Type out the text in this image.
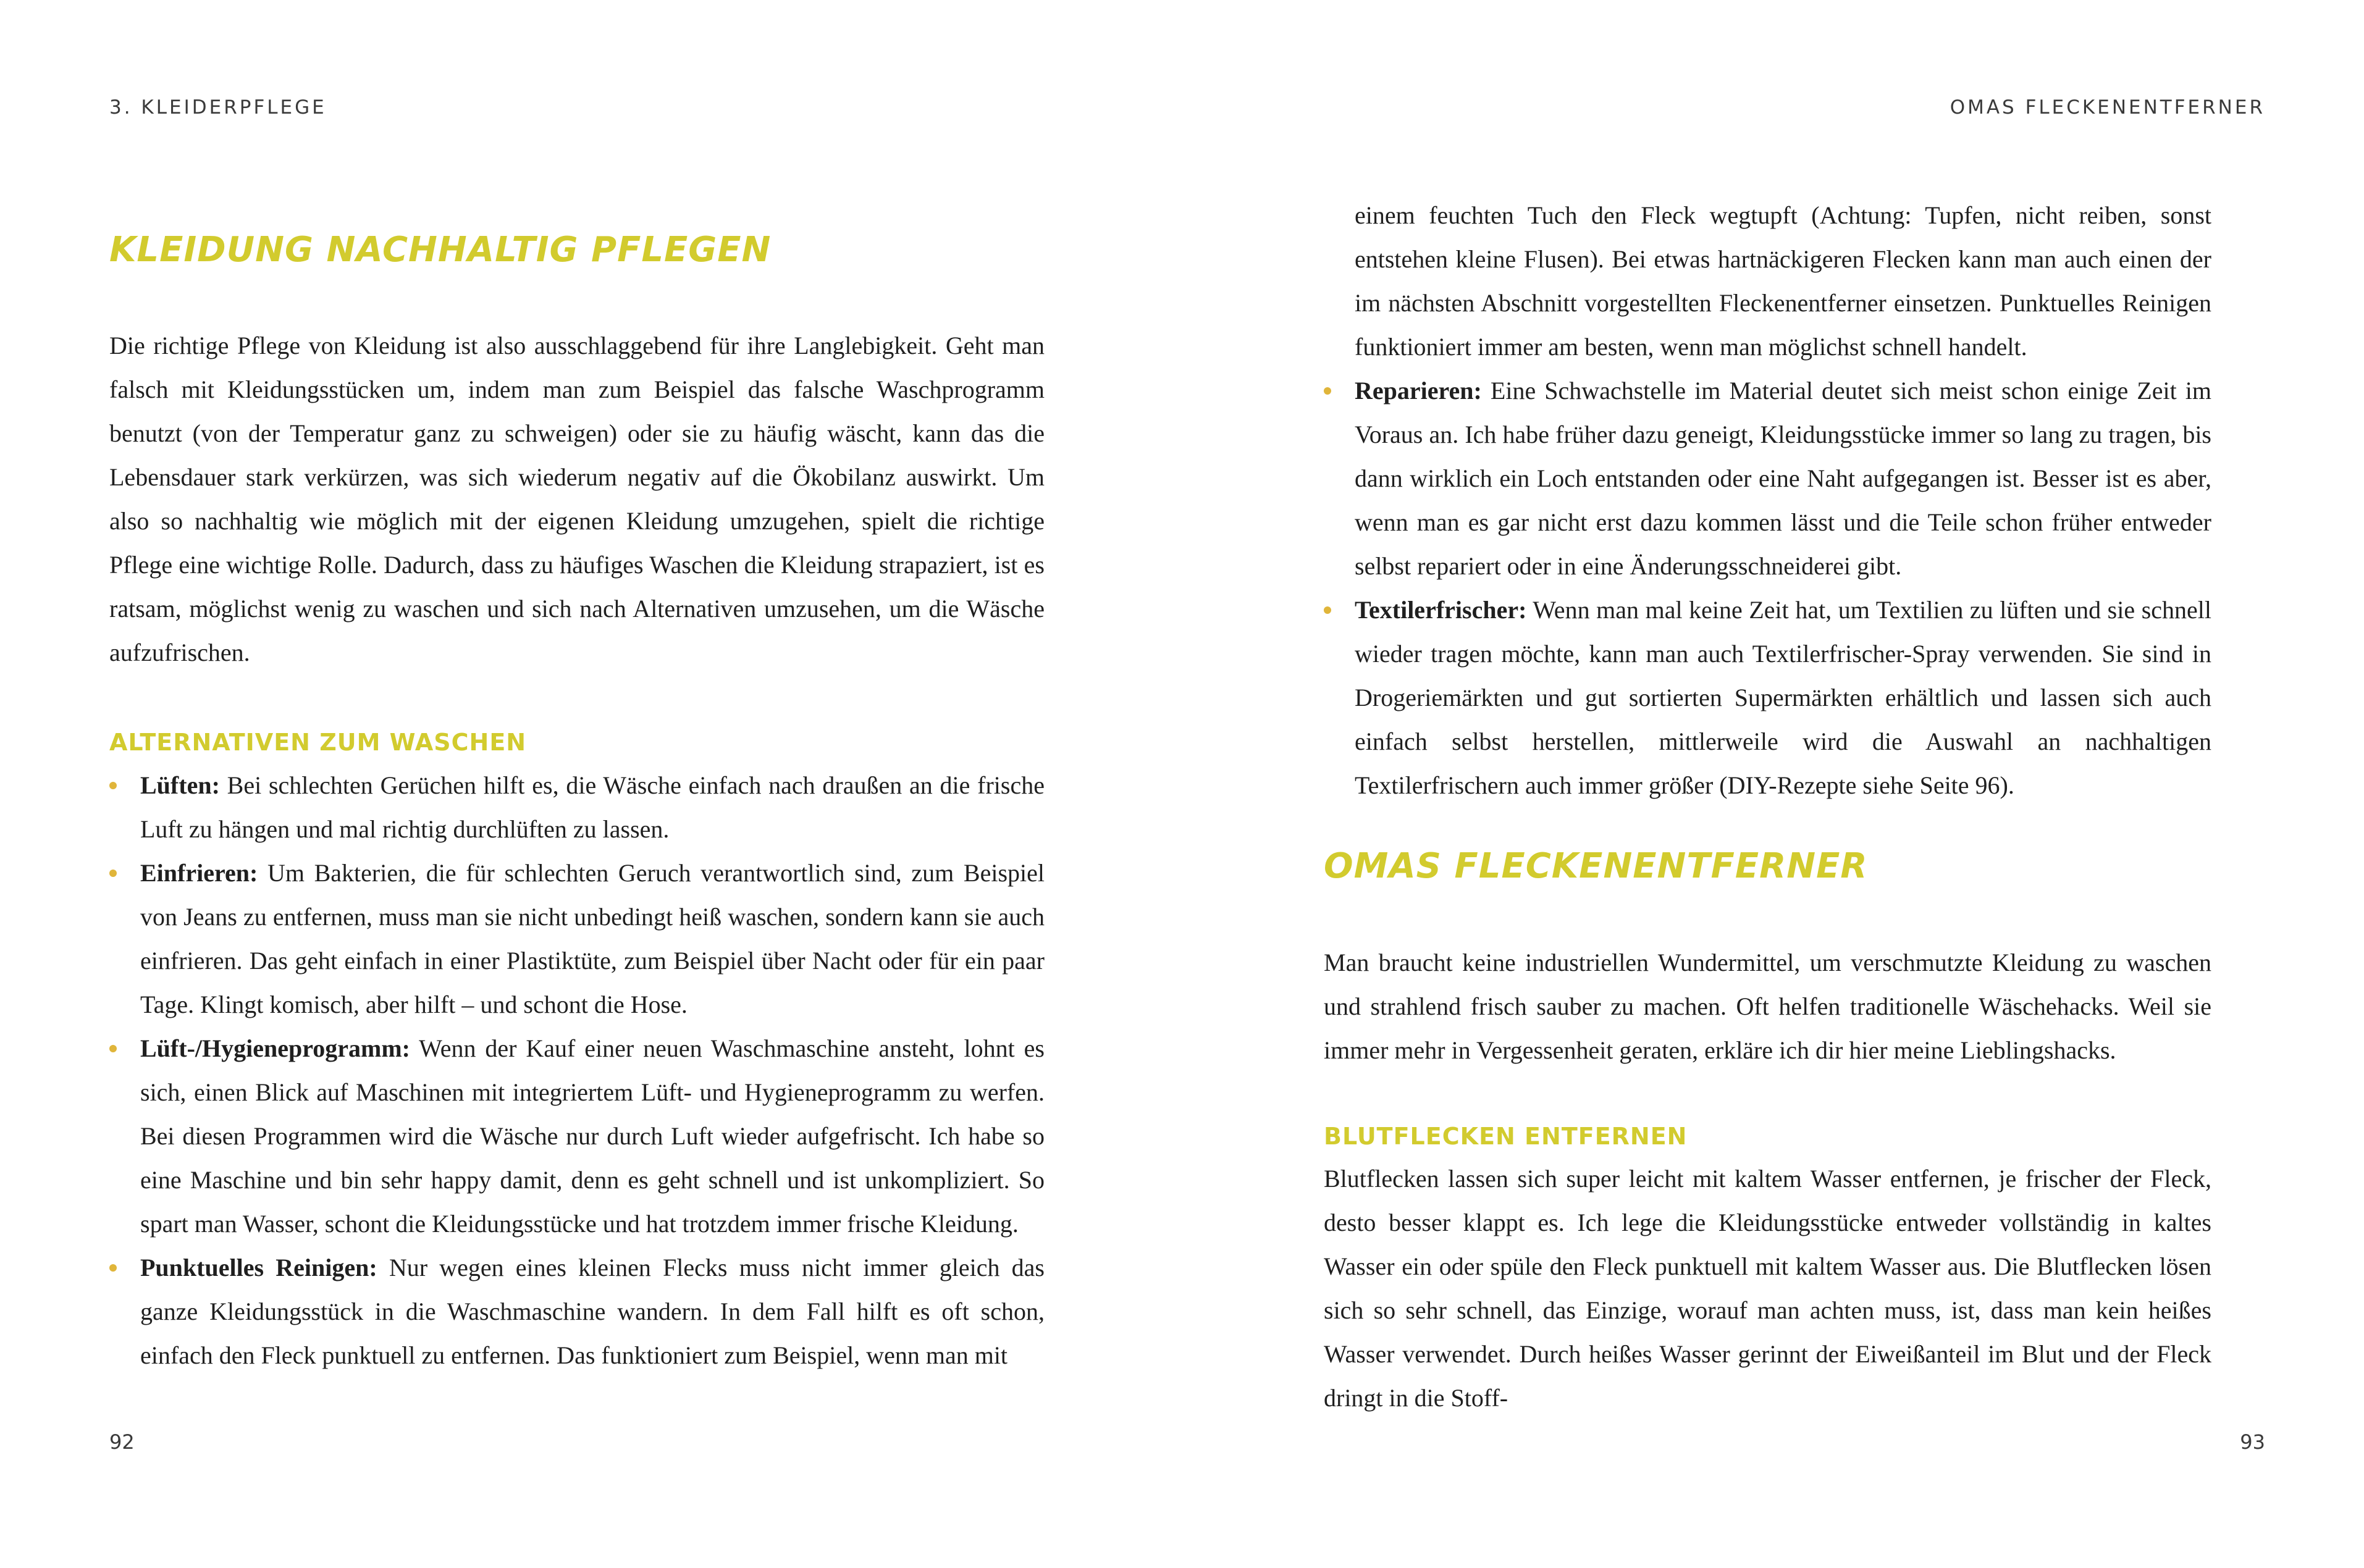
3. KLEIDERPFLEGE

KLEIDUNG NACHHALTIG PFLEGEN

Die richtige Pflege von Kleidung ist also ausschlaggebend für ihre Langlebigkeit. Geht man falsch mit Kleidungsstücken um, indem man zum Beispiel das falsche Waschprogramm benutzt (von der Temperatur ganz zu schweigen) oder sie zu häufig wäscht, kann das die Lebensdauer stark verkürzen, was sich wiederum negativ auf die Ökobilanz auswirkt. Um also so nachhaltig wie möglich mit der eigenen Kleidung umzugehen, spielt die richtige Pflege eine wichtige Rolle. Dadurch, dass zu häufiges Waschen die Kleidung strapaziert, ist es ratsam, möglichst wenig zu waschen und sich nach Alternativen umzusehen, um die Wäsche aufzufrischen.

ALTERNATIVEN ZUM WASCHEN
Lüften: Bei schlechten Gerüchen hilft es, die Wäsche einfach nach draußen an die frische Luft zu hängen und mal richtig durchlüften zu lassen.
Einfrieren: Um Bakterien, die für schlechten Geruch verantwortlich sind, zum Beispiel von Jeans zu entfernen, muss man sie nicht unbedingt heiß waschen, sondern kann sie auch einfrieren. Das geht einfach in einer Plastiktüte, zum Beispiel über Nacht oder für ein paar Tage. Klingt komisch, aber hilft – und schont die Hose.
Lüft-/Hygieneprogramm: Wenn der Kauf einer neuen Waschmaschine ansteht, lohnt es sich, einen Blick auf Maschinen mit integriertem Lüft- und Hygieneprogramm zu werfen. Bei diesen Programmen wird die Wäsche nur durch Luft wieder aufgefrischt. Ich habe so eine Maschine und bin sehr happy damit, denn es geht schnell und ist unkompliziert. So spart man Wasser, schont die Kleidungsstücke und hat trotzdem immer frische Kleidung.
Punktuelles Reinigen: Nur wegen eines kleinen Flecks muss nicht immer gleich das ganze Kleidungsstück in die Waschmaschine wandern. In dem Fall hilft es oft schon, einfach den Fleck punktuell zu entfernen. Das funktioniert zum Beispiel, wenn man mit

92

OMAS FLECKENENTFERNER

einem feuchten Tuch den Fleck wegtupft (Achtung: Tupfen, nicht reiben, sonst entstehen kleine Flusen). Bei etwas hartnäckigeren Flecken kann man auch einen der im nächsten Abschnitt vorgestellten Fleckenentferner einsetzen. Punktuelles Reinigen funktioniert immer am besten, wenn man möglichst schnell handelt.

Reparieren: Eine Schwachstelle im Material deutet sich meist schon einige Zeit im Voraus an. Ich habe früher dazu geneigt, Kleidungsstücke immer so lang zu tragen, bis dann wirklich ein Loch entstanden oder eine Naht aufgegangen ist. Besser ist es aber, wenn man es gar nicht erst dazu kommen lässt und die Teile schon früher entweder selbst repariert oder in eine Änderungsschneiderei gibt.
Textilerfrischer: Wenn man mal keine Zeit hat, um Textilien zu lüften und sie schnell wieder tragen möchte, kann man auch Textilerfrischer-Spray verwenden. Sie sind in Drogeriemärkten und gut sortierten Supermärkten erhältlich und lassen sich auch einfach selbst herstellen, mittlerweile wird die Auswahl an nachhaltigen Textilerfrischern auch immer größer (DIY-Rezepte siehe Seite 96).
OMAS FLECKENENTFERNER

Man braucht keine industriellen Wundermittel, um verschmutzte Kleidung zu waschen und strahlend frisch sauber zu machen. Oft helfen traditionelle Wäschehacks. Weil sie immer mehr in Vergessenheit geraten, erkläre ich dir hier meine Lieblingshacks.

BLUTFLECKEN ENTFERNEN

Blutflecken lassen sich super leicht mit kaltem Wasser entfernen, je frischer der Fleck, desto besser klappt es. Ich lege die Kleidungsstücke entweder vollständig in kaltes Wasser ein oder spüle den Fleck punktuell mit kaltem Wasser aus. Die Blutflecken lösen sich so sehr schnell, das Einzige, worauf man achten muss, ist, dass man kein heißes Wasser verwendet. Durch heißes Wasser gerinnt der Eiweißanteil im Blut und der Fleck dringt in die Stoff-

93
